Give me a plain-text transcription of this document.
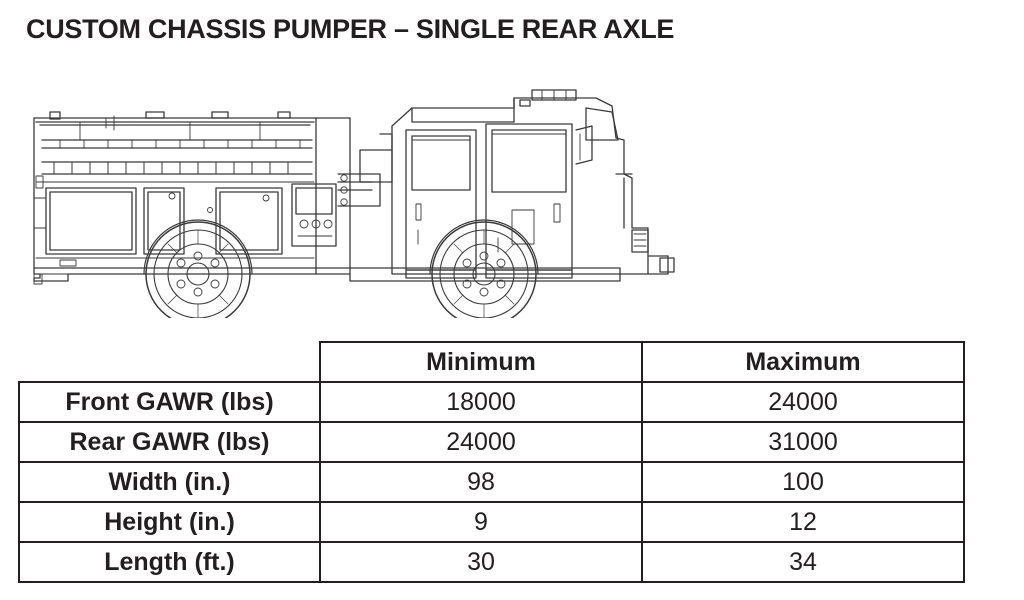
CUSTOM CHASSIS PUMPER – SINGLE REAR AXLE
	Minimum	Maximum
Front GAWR (lbs)	18000	24000
Rear GAWR (lbs)	24000	31000
Width (in.)	98	100
Height (in.)	9	12
Length (ft.)	30	34
